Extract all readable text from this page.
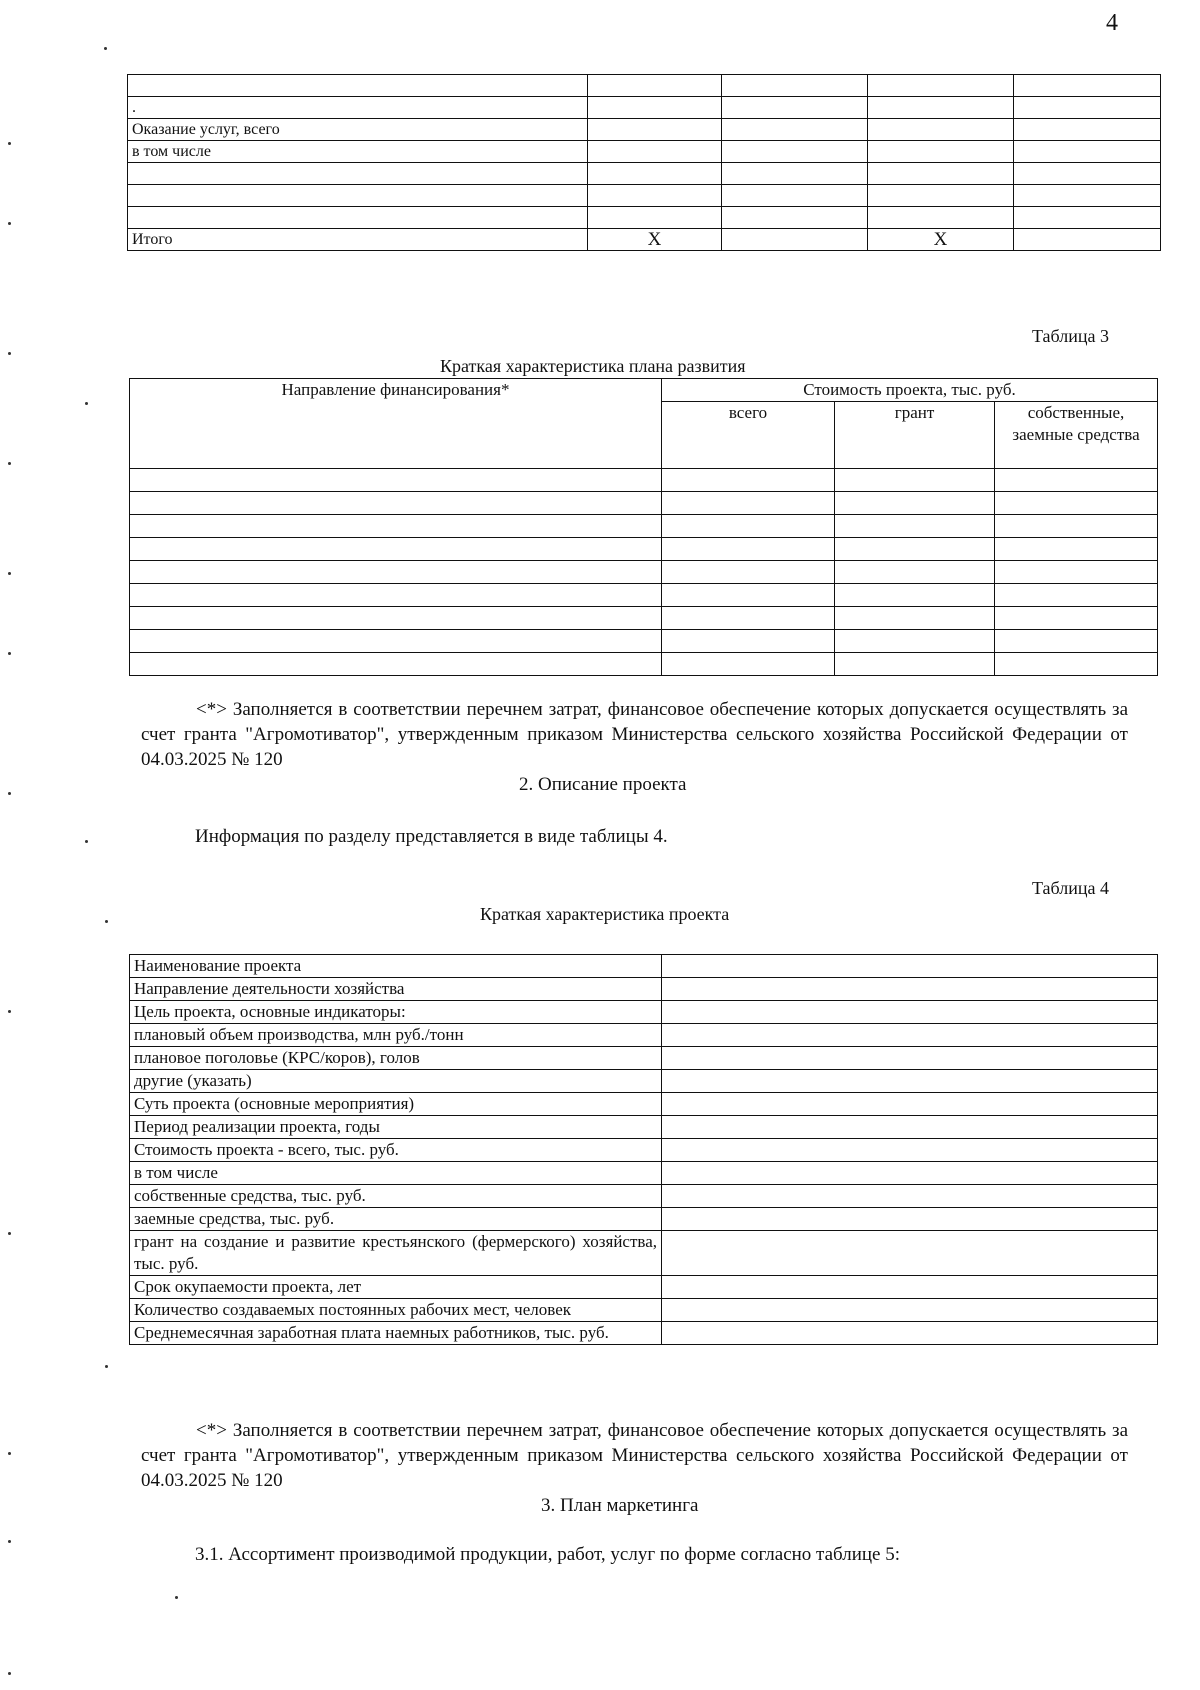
4

.				
Оказание услуг, всего				
в том числе				

Итого	Х		Х	
Таблица 3
Краткая характеристика плана развития
Направление финансирования*	Стоимость проекта, тыс. руб.		
	всего	грант	собственные, заемные средства

<*> Заполняется в соответствии перечнем затрат, финансовое обеспечение которых допускается осуществлять за счет гранта "Агромотиватор", утвержденным приказом Министерства сельского хозяйства Российской Федерации от 04.03.2025 № 120
2. Описание проекта
Информация по разделу представляется в виде таблицы 4.
Таблица 4
Краткая характеристика проекта
Наименование проекта	
Направление деятельности хозяйства	
Цель проекта, основные индикаторы:	
плановый объем производства, млн руб./тонн	
плановое поголовье (КРС/коров), голов	
другие (указать)	
Суть проекта (основные мероприятия)	
Период реализации проекта, годы	
Стоимость проекта - всего, тыс. руб.	
в том числе	
собственные средства, тыс. руб.	
заемные средства, тыс. руб.	
грант на создание и развитие крестьянского (фермерского) хозяйства, тыс. руб.	
Срок окупаемости проекта, лет	
Количество создаваемых постоянных рабочих мест, человек	
Среднемесячная заработная плата наемных работников, тыс. руб.	
<*> Заполняется в соответствии перечнем затрат, финансовое обеспечение которых допускается осуществлять за счет гранта "Агромотиватор", утвержденным приказом Министерства сельского хозяйства Российской Федерации от 04.03.2025 № 120
3. План маркетинга
3.1. Ассортимент производимой продукции, работ, услуг по форме согласно таблице 5:
